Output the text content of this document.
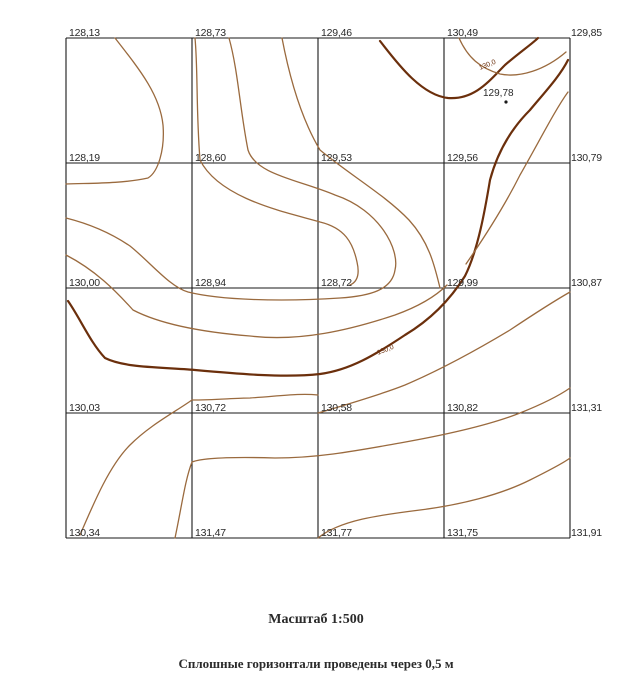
130,0
130,0
129,78
128,13	128,73	129,46	130,49	129,85
128,19	128,60	129,53	129,56	130,79
130,00	128,94	128,72	129,99	130,87
130,03	130,72	130,58	130,82	131,31
130,34	131,47	131,77	131,75	131,91
Масштаб 1:500
Сплошные горизонтали проведены через 0,5 м
